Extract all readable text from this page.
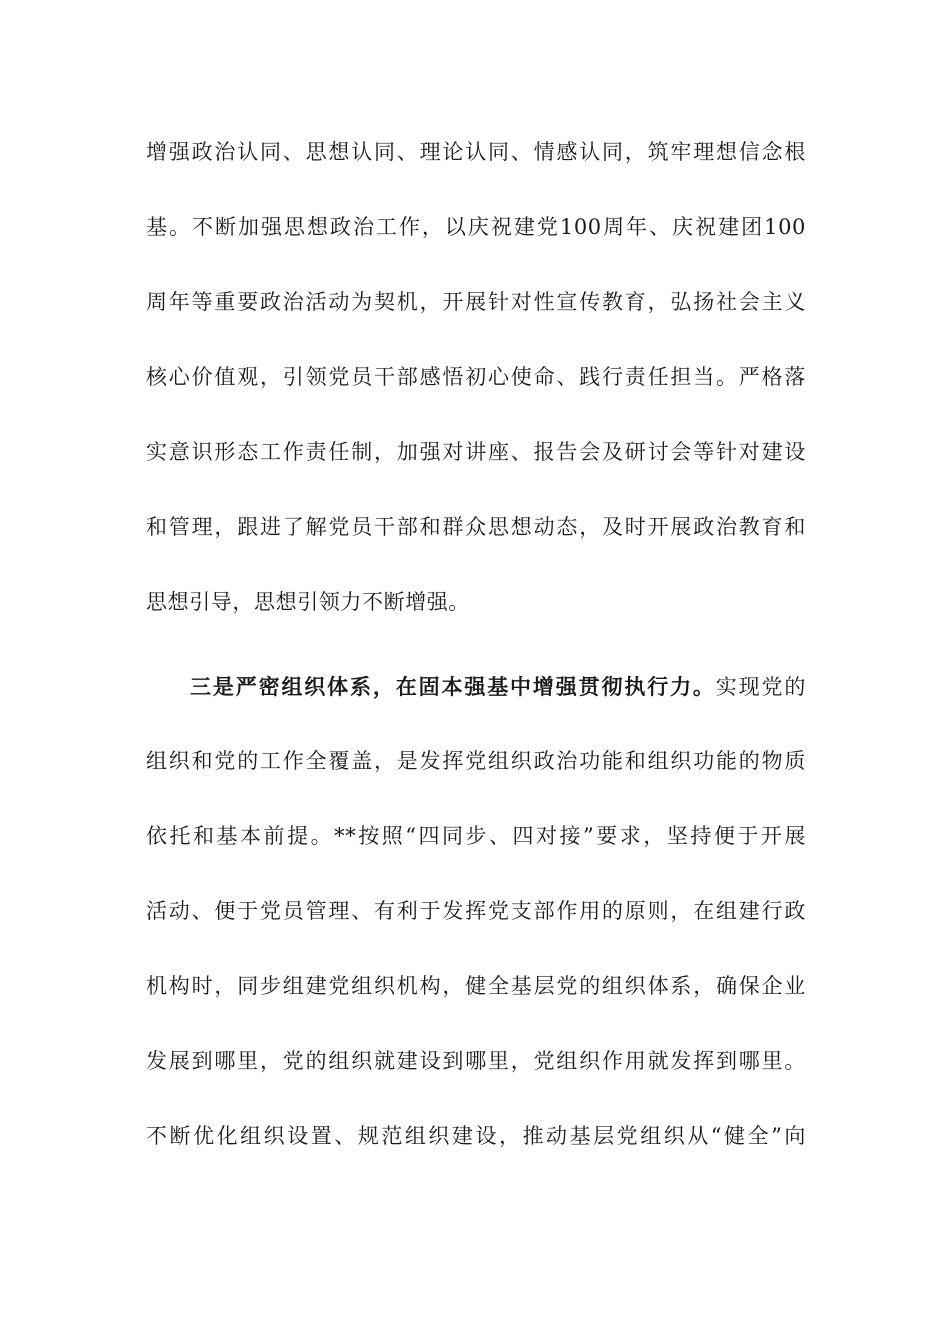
增强政治认同、思想认同、理论认同、情感认同，筑牢理想信念根
基。不断加强思想政治工作，以庆祝建党100周年、庆祝建团100
周年等重要政治活动为契机，开展针对性宣传教育，弘扬社会主义
核心价值观，引领党员干部感悟初心使命、践行责任担当。严格落
实意识形态工作责任制，加强对讲座、报告会及研讨会等针对建设
和管理，跟进了解党员干部和群众思想动态，及时开展政治教育和
思想引导，思想引领力不断增强。
三是严密组织体系，在固本强基中增强贯彻执行力。实现党的
组织和党的工作全覆盖，是发挥党组织政治功能和组织功能的物质
依托和基本前提。**按照“四同步、四对接”要求，坚持便于开展
活动、便于党员管理、有利于发挥党支部作用的原则，在组建行政
机构时，同步组建党组织机构，健全基层党的组织体系，确保企业
发展到哪里，党的组织就建设到哪里，党组织作用就发挥到哪里。
不断优化组织设置、规范组织建设，推动基层党组织从“健全”向
